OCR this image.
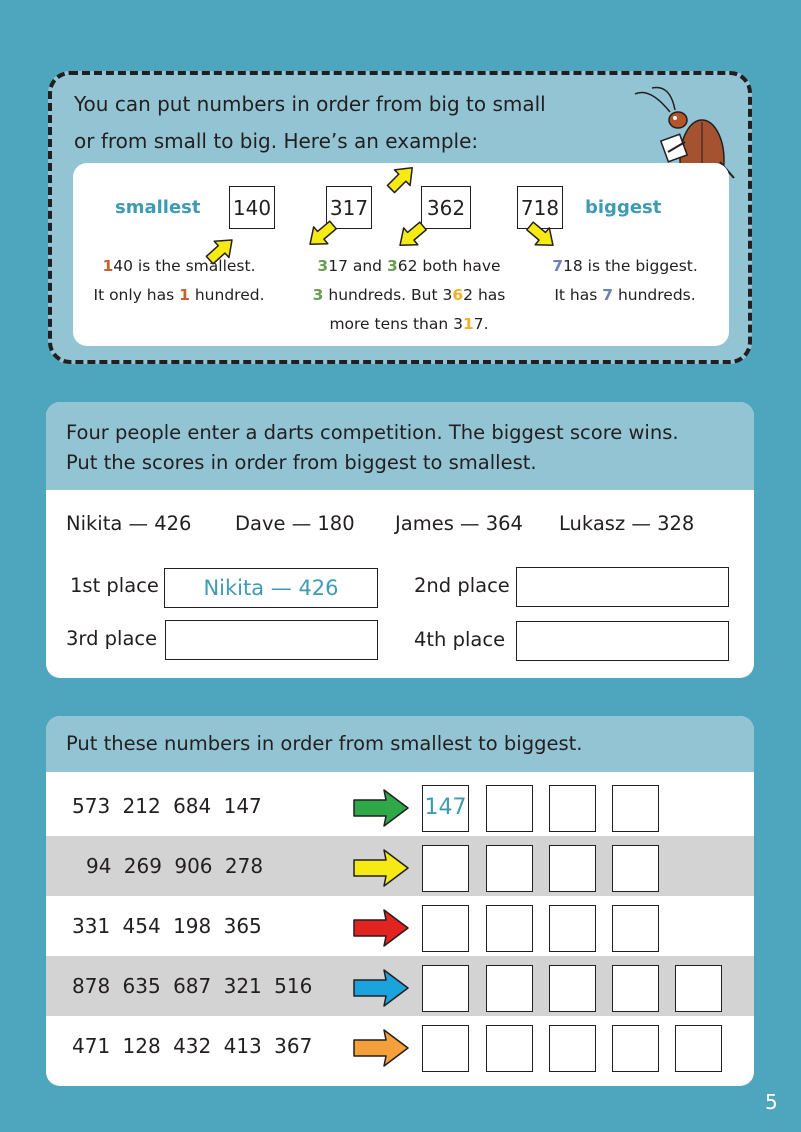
You can put numbers in order from big to small
or from small to big. Here’s an example:
smallest	biggest
140	317	362	718
140 is the smallest.
It only has 1 hundred.
317 and 362 both have
3 hundreds. But 362 has
more tens than 317.
718 is the biggest.
It has 7 hundreds.
Four people enter a darts competition. The biggest score wins.
Put the scores in order from biggest to smallest.
Nikita — 426 Dave — 180 James — 364 Lukasz — 328
1st place	Nikita — 426	2nd place
3rd place	4th place
Put these numbers in order from smallest to biggest.
573 212 684 147	147
94 269 906 278
331 454 198 365
878 635 687 321 516
471 128 432 413 367
5
